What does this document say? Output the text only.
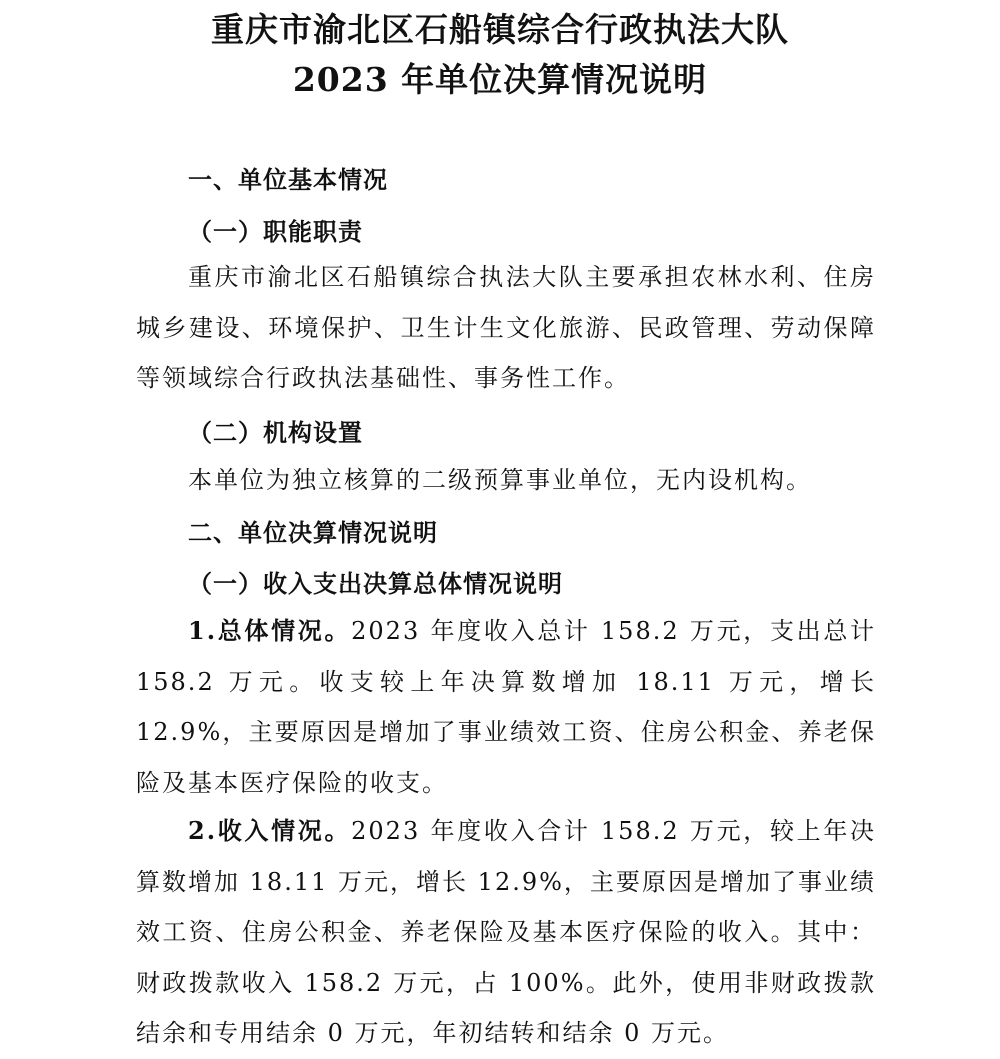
重庆市渝北区石船镇综合行政执法大队
2023 年单位决算情况说明
一、单位基本情况
（一）职能职责

重庆市渝北区石船镇综合执法大队主要承担农林水利、住房城乡建设、环境保护、卫生计生文化旅游、民政管理、劳动保障等领域综合行政执法基础性、事务性工作。

（二）机构设置

本单位为独立核算的二级预算事业单位，无内设机构。

二、单位决算情况说明
（一）收入支出决算总体情况说明

1.总体情况。2023 年度收入总计 158.2 万元，支出总计 158.2 万元。收支较上年决算数增加 18.11 万元，增长 12.9%，主要原因是增加了事业绩效工资、住房公积金、养老保险及基本医疗保险的收支。

2.收入情况。2023 年度收入合计 158.2 万元，较上年决算数增加 18.11 万元，增长 12.9%，主要原因是增加了事业绩效工资、住房公积金、养老保险及基本医疗保险的收入。其中：财政拨款收入 158.2 万元，占 100%。此外，使用非财政拨款结余和专用结余 0 万元，年初结转和结余 0 万元。
